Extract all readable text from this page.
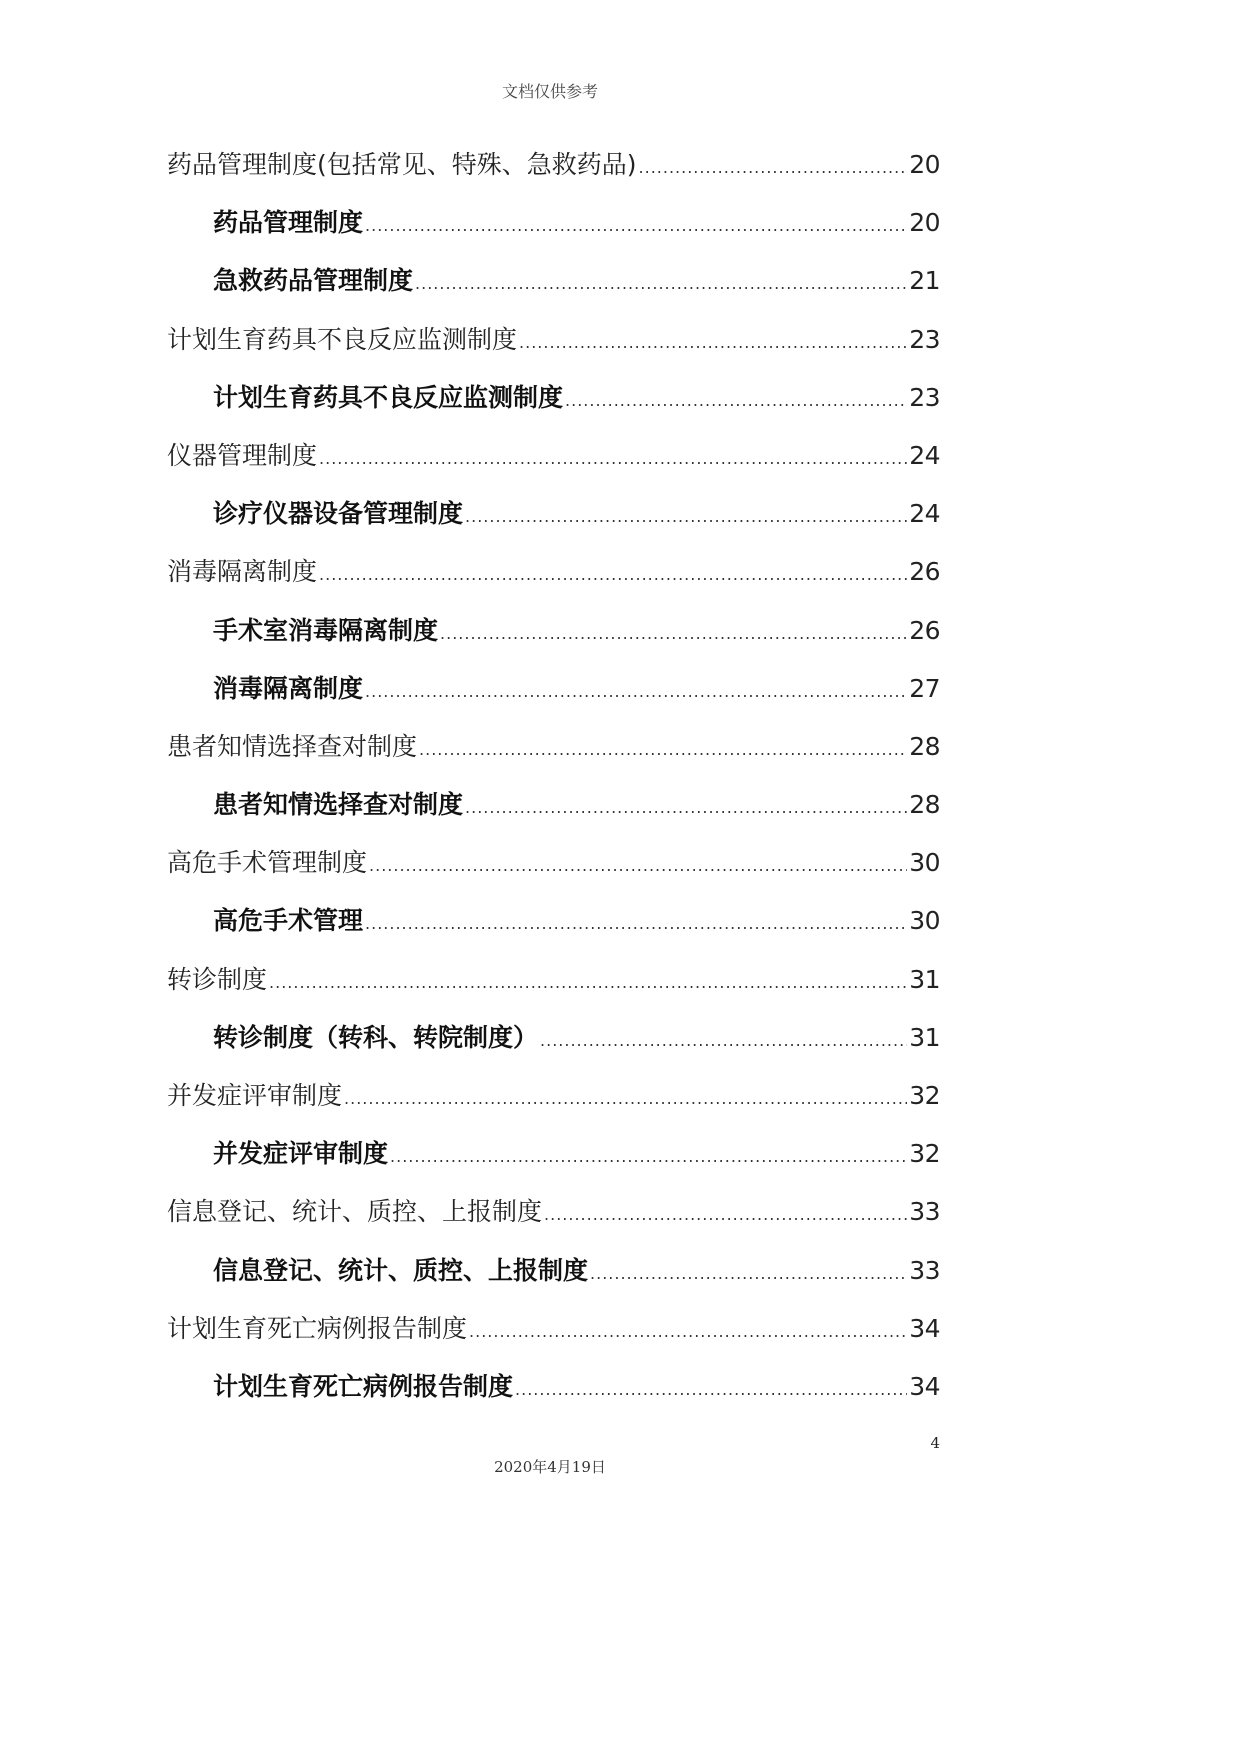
文档仅供参考
药品管理制度(包括常见、特殊、急救药品) .....	20
药品管理制度 .....	20
急救药品管理制度 .....	21
计划生育药具不良反应监测制度 .....	23
计划生育药具不良反应监测制度 .....	23
仪器管理制度 .....	24
诊疗仪器设备管理制度 .....	24
消毒隔离制度 .....	26
手术室消毒隔离制度 .....	26
消毒隔离制度 .....	27
患者知情选择查对制度 .....	28
患者知情选择查对制度 .....	28
高危手术管理制度 .....	30
高危手术管理 .....	30
转诊制度 .....	31
转诊制度（转科、转院制度） .....	31
并发症评审制度 .....	32
并发症评审制度 .....	32
信息登记、统计、质控、上报制度 .....	33
信息登记、统计、质控、上报制度 .....	33
计划生育死亡病例报告制度 .....	34
计划生育死亡病例报告制度 .....	34
4
2020年4月19日
